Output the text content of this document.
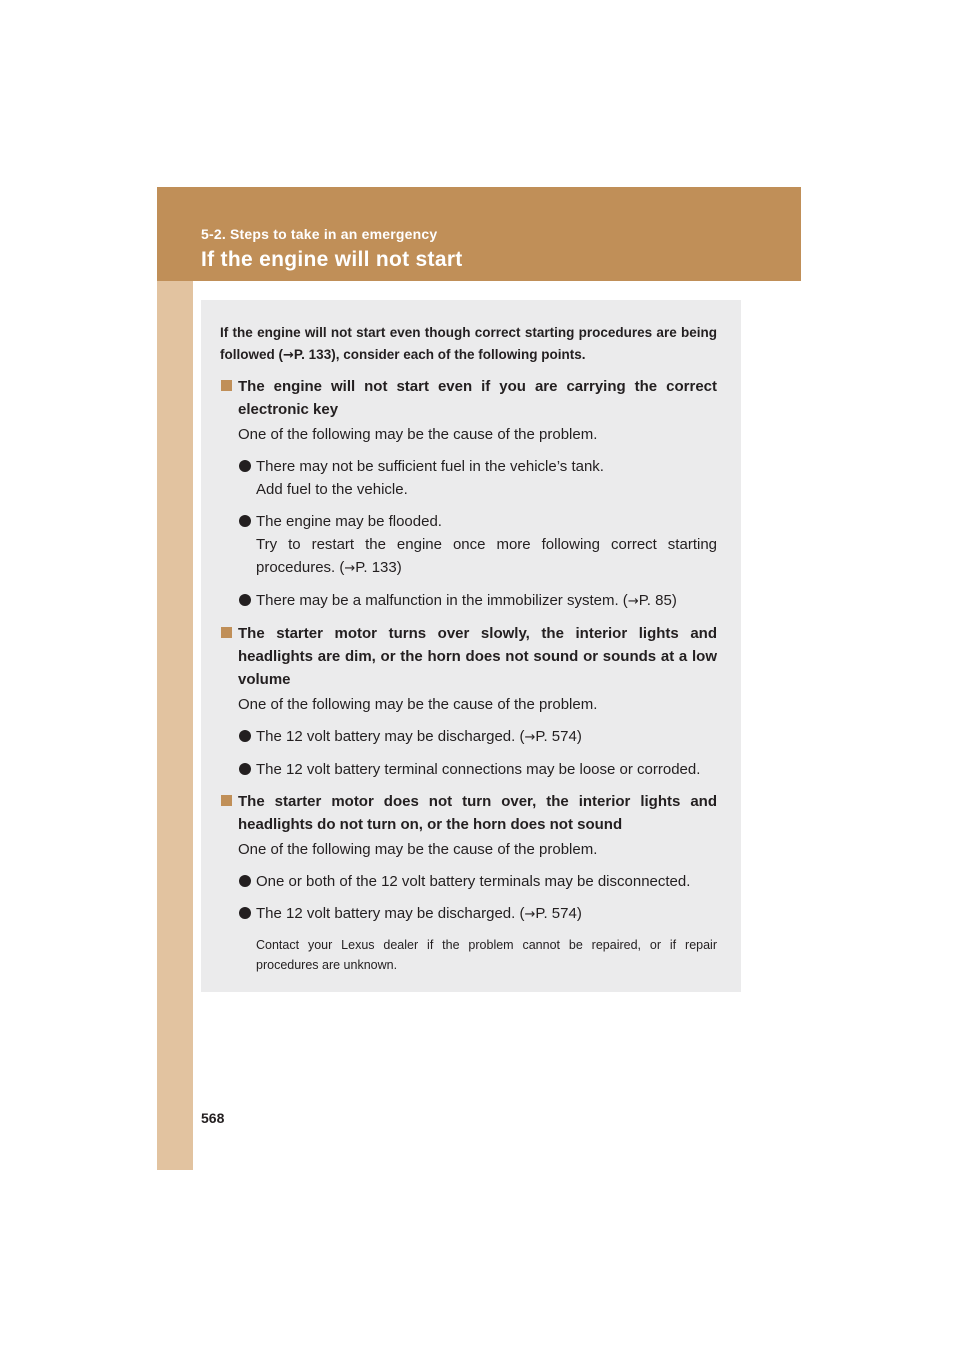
5-2. Steps to take in an emergency
If the engine will not start

If the engine will not start even though correct starting procedures are being followed (→P. 133), consider each of the following points.

The engine will not start even if you are carrying the correct electronic key
One of the following may be the cause of the problem.
There may not be sufficient fuel in the vehicle’s tank.
Add fuel to the vehicle.
The engine may be flooded.
Try to restart the engine once more following correct starting procedures. (→P. 133)
There may be a malfunction in the immobilizer system. (→P. 85)
The starter motor turns over slowly, the interior lights and headlights are dim, or the horn does not sound or sounds at a low volume
One of the following may be the cause of the problem.
The 12 volt battery may be discharged. (→P. 574)
The 12 volt battery terminal connections may be loose or corroded.
The starter motor does not turn over, the interior lights and headlights do not turn on, or the horn does not sound
One of the following may be the cause of the problem.
One or both of the 12 volt battery terminals may be disconnected.
The 12 volt battery may be discharged. (→P. 574)

Contact your Lexus dealer if the problem cannot be repaired, or if repair procedures are unknown.

568
